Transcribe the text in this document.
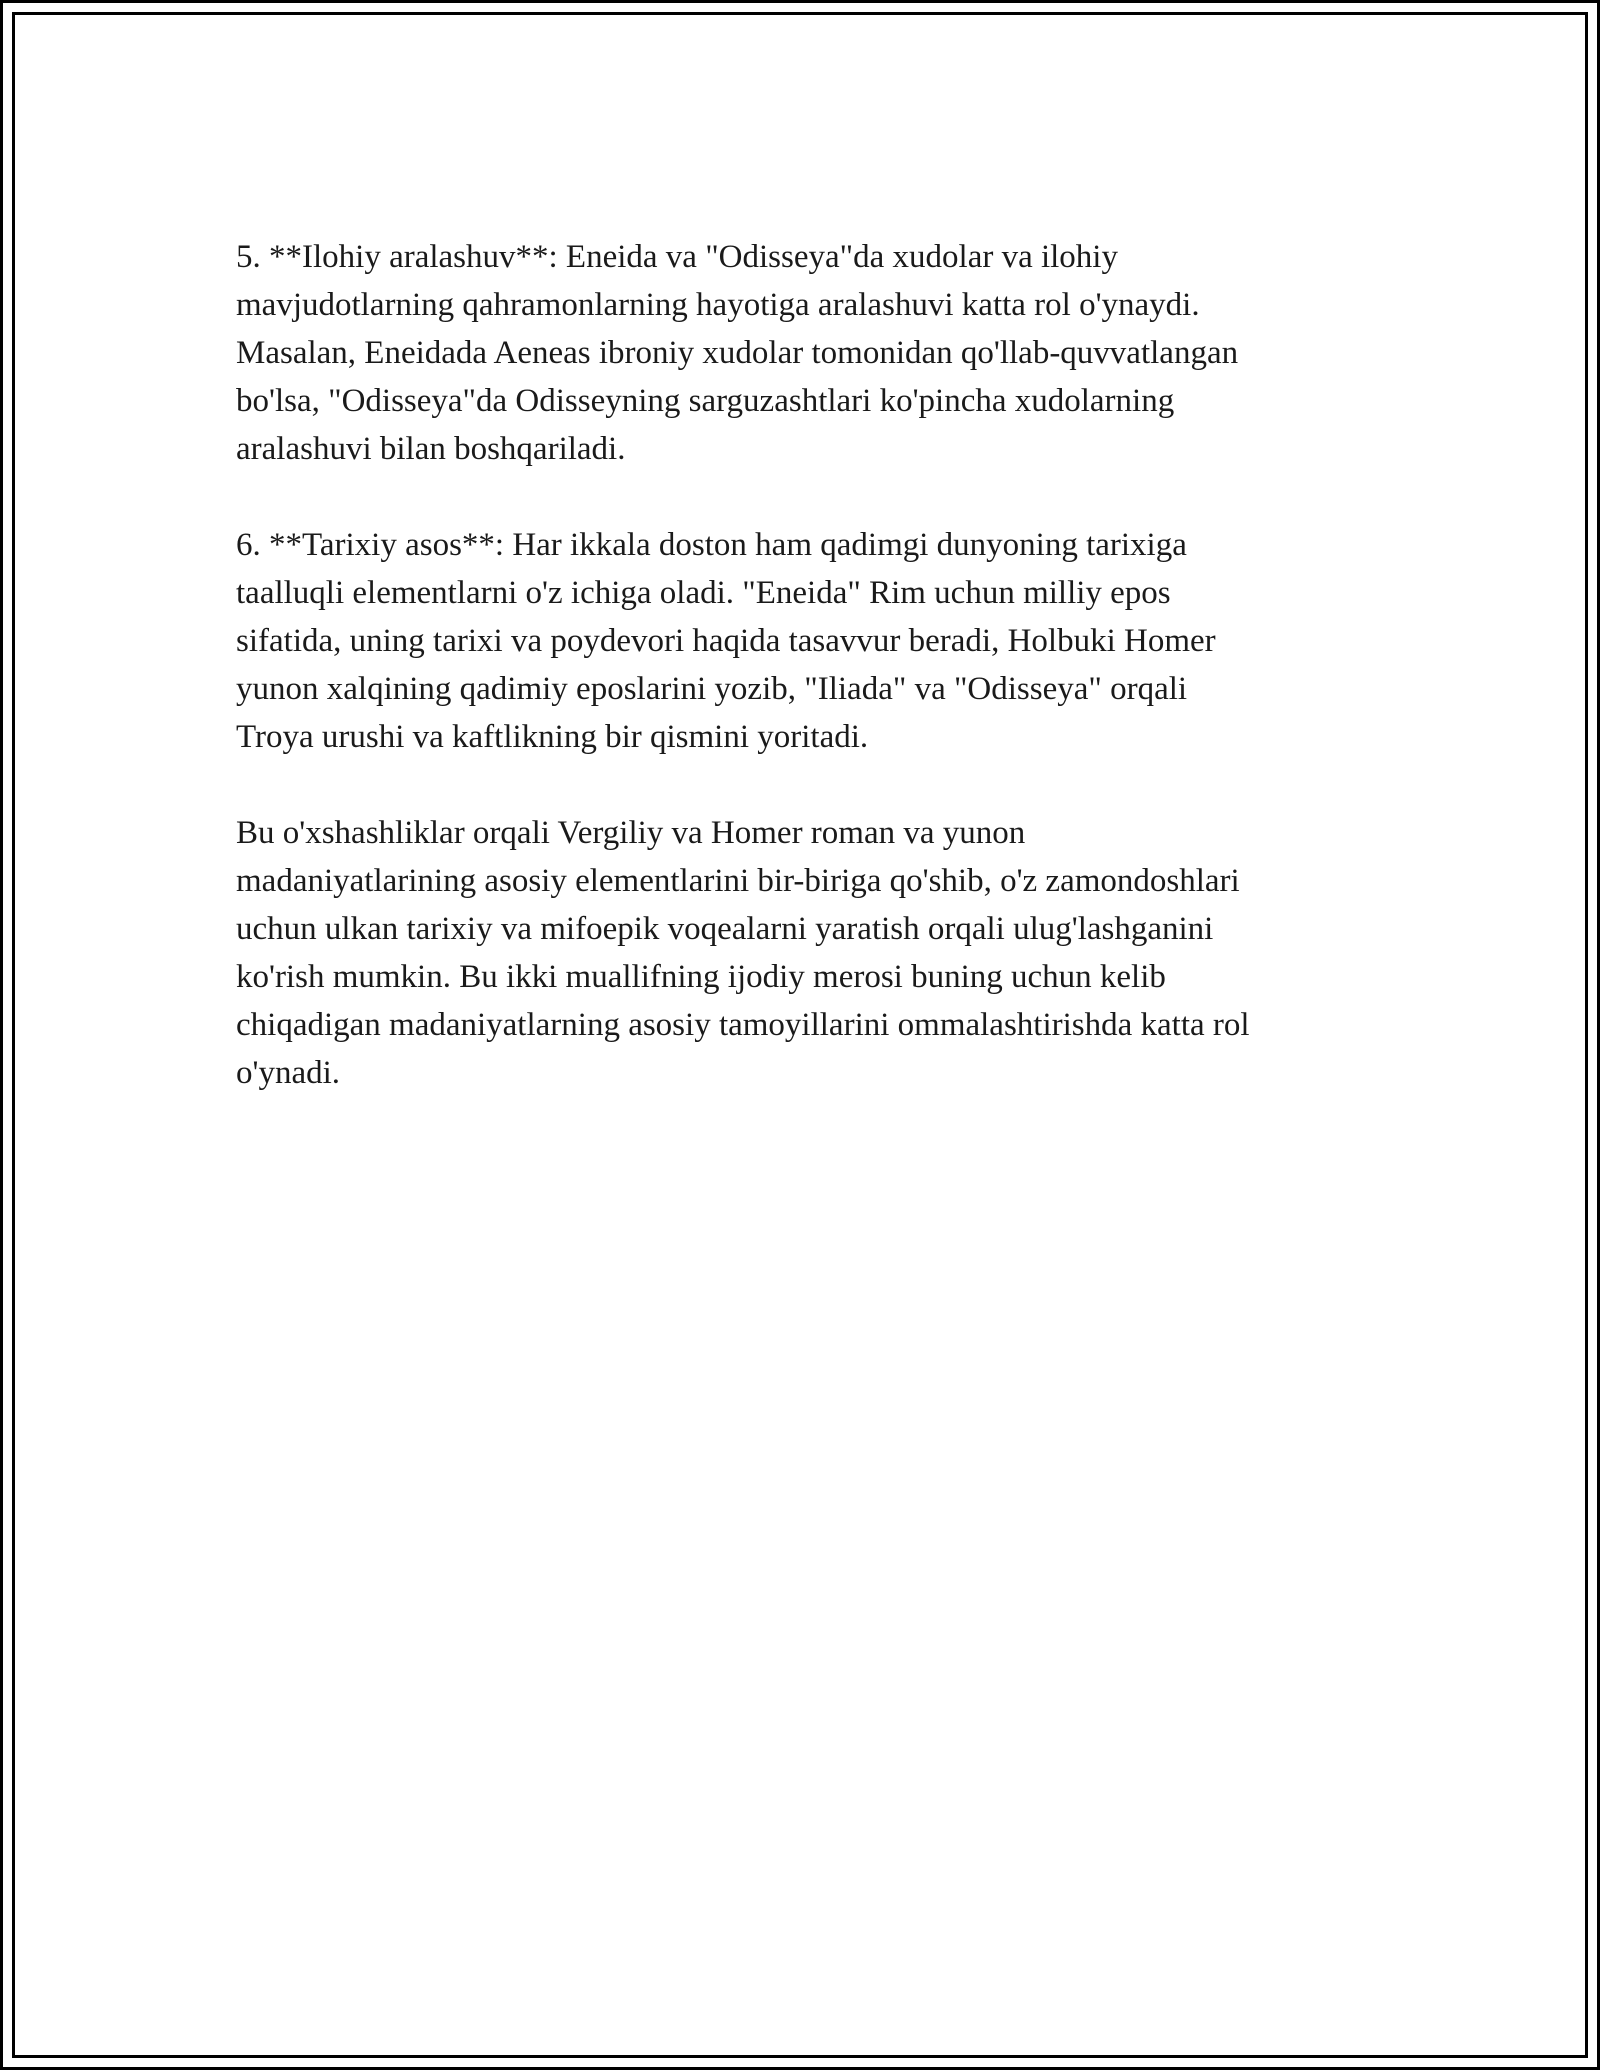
5. **Ilohiy aralashuv**: Eneida va "Odisseya"da xudolar va ilohiy
mavjudotlarning qahramonlarning hayotiga aralashuvi katta rol o'ynaydi.
Masalan, Eneidada Aeneas ibroniy xudolar tomonidan qo'llab-quvvatlangan
bo'lsa, "Odisseya"da Odisseyning sarguzashtlari ko'pincha xudolarning
aralashuvi bilan boshqariladi.

6. **Tarixiy asos**: Har ikkala doston ham qadimgi dunyoning tarixiga
taalluqli elementlarni o'z ichiga oladi. "Eneida" Rim uchun milliy epos
sifatida, uning tarixi va poydevori haqida tasavvur beradi, Holbuki Homer
yunon xalqining qadimiy eposlarini yozib, "Iliada" va "Odisseya" orqali
Troya urushi va kaftlikning bir qismini yoritadi.

Bu o'xshashliklar orqali Vergiliy va Homer roman va yunon
madaniyatlarining asosiy elementlarini bir-biriga qo'shib, o'z zamondoshlari
uchun ulkan tarixiy va mifoepik voqealarni yaratish orqali ulug'lashganini
ko'rish mumkin. Bu ikki muallifning ijodiy merosi buning uchun kelib
chiqadigan madaniyatlarning asosiy tamoyillarini ommalashtirishda katta rol
o'ynadi.
